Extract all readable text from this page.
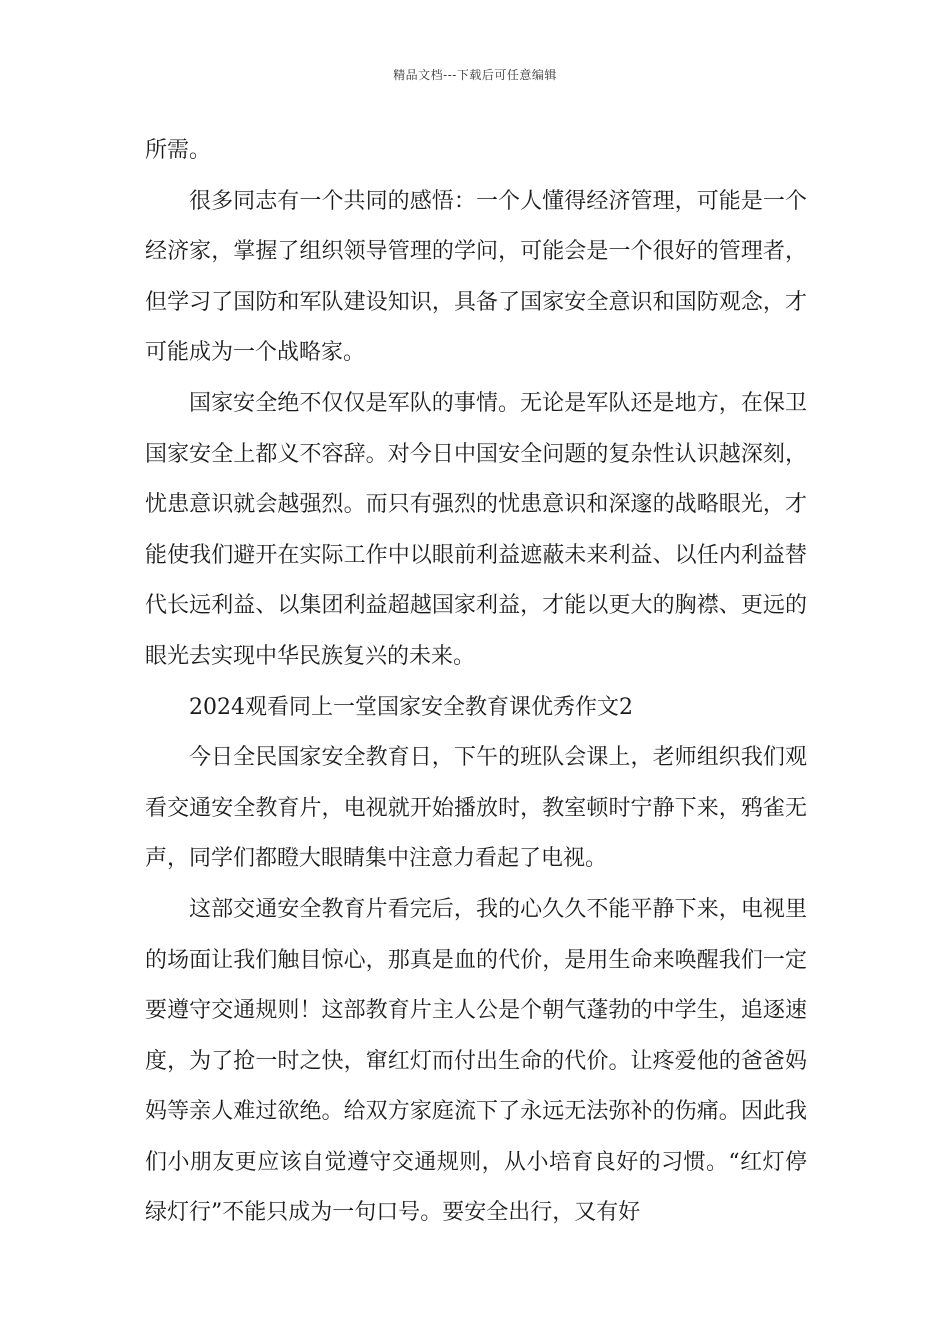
精品文档---下载后可任意编辑

所需。

很多同志有一个共同的感悟：一个人懂得经济管理，可能是一个经济家，掌握了组织领导管理的学问，可能会是一个很好的管理者，但学习了国防和军队建设知识，具备了国家安全意识和国防观念，才可能成为一个战略家。

国家安全绝不仅仅是军队的事情。无论是军队还是地方，在保卫国家安全上都义不容辞。对今日中国安全问题的复杂性认识越深刻，忧患意识就会越强烈。而只有强烈的忧患意识和深邃的战略眼光，才能使我们避开在实际工作中以眼前利益遮蔽未来利益、以任内利益替代长远利益、以集团利益超越国家利益，才能以更大的胸襟、更远的眼光去实现中华民族复兴的未来。

2024观看同上一堂国家安全教育课优秀作文2

今日全民国家安全教育日，下午的班队会课上，老师组织我们观看交通安全教育片，电视就开始播放时，教室顿时宁静下来，鸦雀无声，同学们都瞪大眼睛集中注意力看起了电视。

这部交通安全教育片看完后，我的心久久不能平静下来，电视里的场面让我们触目惊心，那真是血的代价，是用生命来唤醒我们一定要遵守交通规则！这部教育片主人公是个朝气蓬勃的中学生，追逐速度，为了抢一时之快，窜红灯而付出生命的代价。让疼爱他的爸爸妈妈等亲人难过欲绝。给双方家庭流下了永远无法弥补的伤痛。因此我们小朋友更应该自觉遵守交通规则，从小培育良好的习惯。“红灯停绿灯行”不能只成为一句口号。要安全出行，又有好
